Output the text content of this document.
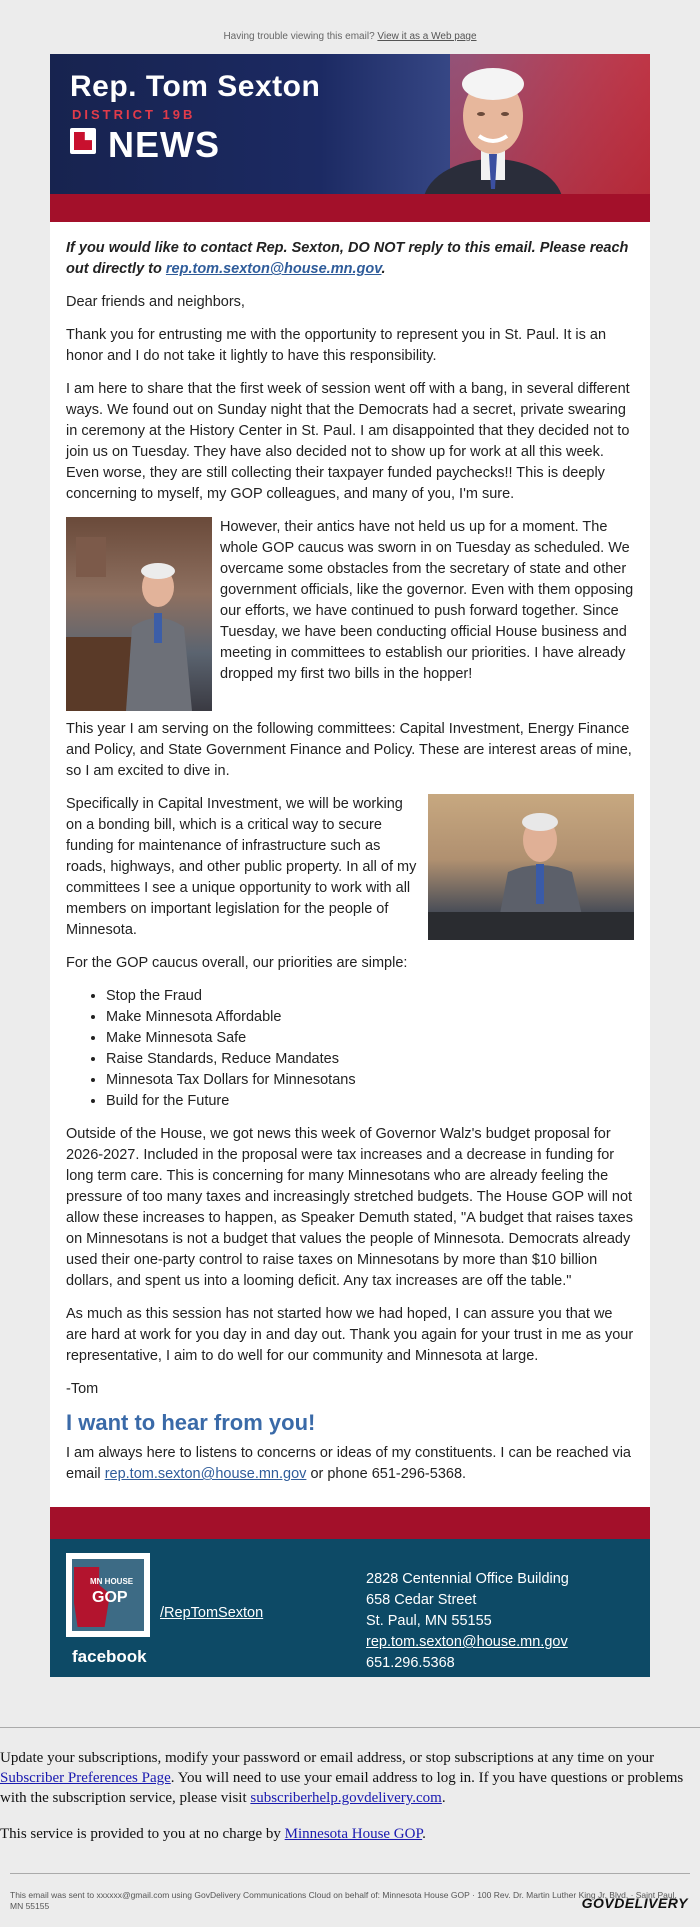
Having trouble viewing this email? View it as a Web page
Rep. Tom Sexton
DISTRICT 19B
NEWS

If you would like to contact Rep. Sexton, DO NOT reply to this email. Please reach out directly to rep.tom.sexton@house.mn.gov.

Dear friends and neighbors,

Thank you for entrusting me with the opportunity to represent you in St. Paul. It is an honor and I do not take it lightly to have this responsibility.

I am here to share that the first week of session went off with a bang, in several different ways. We found out on Sunday night that the Democrats had a secret, private swearing in ceremony at the History Center in St. Paul. I am disappointed that they decided not to join us on Tuesday. They have also decided not to show up for work at all this week. Even worse, they are still collecting their taxpayer funded paychecks!! This is deeply concerning to myself, my GOP colleagues, and many of you, I'm sure.

However, their antics have not held us up for a moment. The whole GOP caucus was sworn in on Tuesday as scheduled. We overcame some obstacles from the secretary of state and other government officials, like the governor. Even with them opposing our efforts, we have continued to push forward together. Since Tuesday, we have been conducting official House business and meeting in committees to establish our priorities. I have already dropped my first two bills in the hopper!

This year I am serving on the following committees: Capital Investment, Energy Finance and Policy, and State Government Finance and Policy. These are interest areas of mine, so I am excited to dive in.

Specifically in Capital Investment, we will be working on a bonding bill, which is a critical way to secure funding for maintenance of infrastructure such as roads, highways, and other public property. In all of my committees I see a unique opportunity to work with all members on important legislation for the people of Minnesota.

For the GOP caucus overall, our priorities are simple:

• Stop the Fraud
• Make Minnesota Affordable
• Make Minnesota Safe
• Raise Standards, Reduce Mandates
• Minnesota Tax Dollars for Minnesotans
• Build for the Future

Outside of the House, we got news this week of Governor Walz's budget proposal for 2026-2027. Included in the proposal were tax increases and a decrease in funding for long term care. This is concerning for many Minnesotans who are already feeling the pressure of too many taxes and increasingly stretched budgets. The House GOP will not allow these increases to happen, as Speaker Demuth stated, "A budget that raises taxes on Minnesotans is not a budget that values the people of Minnesota. Democrats already used their one-party control to raise taxes on Minnesotans by more than $10 billion dollars, and spent us into a looming deficit. Any tax increases are off the table."

As much as this session has not started how we had hoped, I can assure you that we are hard at work for you day in and day out. Thank you again for your trust in me as your representative, I aim to do well for our community and Minnesota at large.

-Tom

I want to hear from you!

I am always here to listens to concerns or ideas of my constituents. I can be reached via email rep.tom.sexton@house.mn.gov or phone 651-296-5368.

MN HOUSE
GOP
facebook
/RepTomSexton
2828 Centennial Office Building
658 Cedar Street
St. Paul, MN 55155
rep.tom.sexton@house.mn.gov
651.296.5368

Update your subscriptions, modify your password or email address, or stop subscriptions at any time on your Subscriber Preferences Page. You will need to use your email address to log in. If you have questions or problems with the subscription service, please visit subscriberhelp.govdelivery.com.

This service is provided to you at no charge by Minnesota House GOP.

This email was sent to xxxxxx@gmail.com using GovDelivery Communications Cloud on behalf of: Minnesota House GOP · 100 Rev. Dr. Martin Luther King Jr. Blvd. · Saint Paul, MN 55155	GOVDELIVERY
